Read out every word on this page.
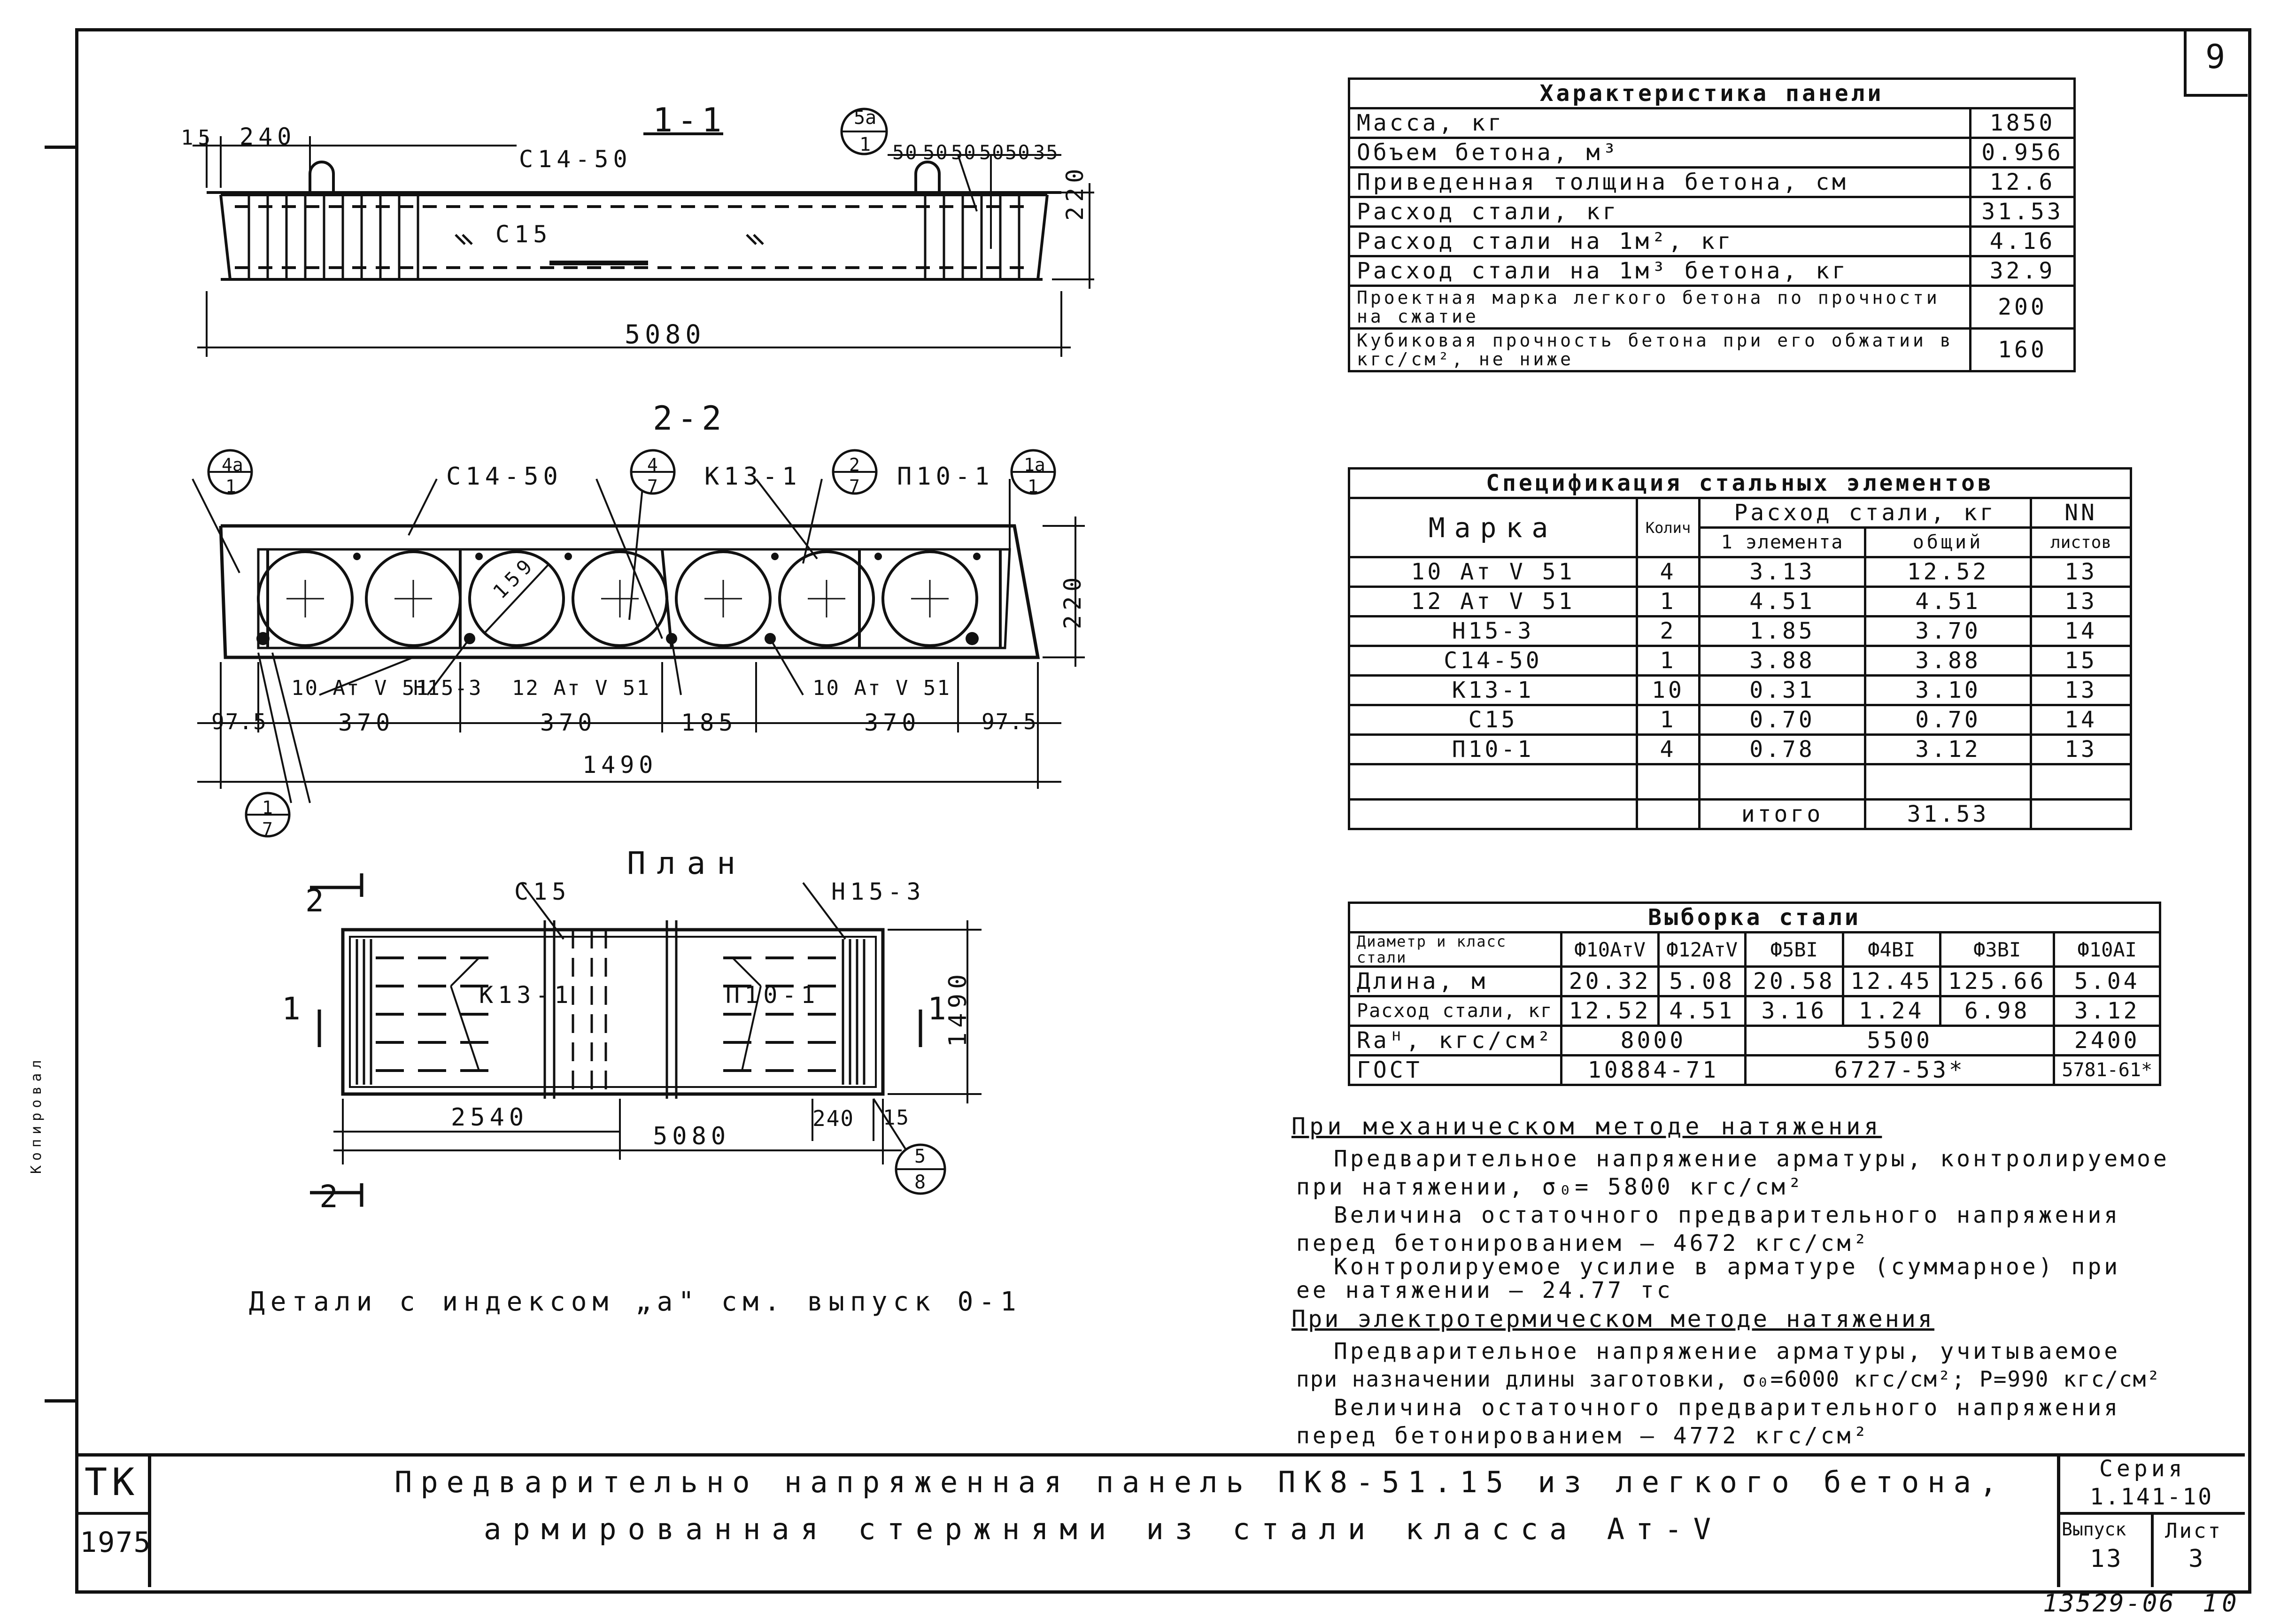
9
Копировал
1-1
15 240
С14-50
С15
5080
220
50 50 50 50 50 35
5а
1
2-2
С14-50	К13-1	П10-1
159
4а
1
4
7
2
7
1а
1
1
7
10 Ат V 51
Н15-3 12 Ат V 51	10 Ат V 51
97.5	370	370	185	370	97.5
1490
220
План
С15	Н15-3
К13-1	П10-1
2540
5080
240 15
1490
2
2
1	1
5
8
Детали с индексом „а" см. выпуск 0-1
Характеристика панели	
Масса, кг	1850
Объем бетона, м³	0.956
Приведенная толщина бетона, см	12.6
Расход стали, кг	31.53
Расход стали на 1м², кг	4.16
Расход стали на 1м³ бетона, кг	32.9
Проектная марка легкого бетона по прочности на сжатие	200
Кубиковая прочность бетона при его обжатии в кгс/см², не ниже	160
Спецификация стальных элементов				
Марка	Колич	Расход стали, кг		NN
		1 элемента	общий	листов
10 Ат V 51	4	3.13	12.52	13
12 Ат V 51	1	4.51	4.51	13
Н15-3	2	1.85	3.70	14
С14-50	1	3.88	3.88	15
К13-1	10	0.31	3.10	13
С15	1	0.70	0.70	14
П10-1	4	0.78	3.12	13

		итого	31.53	
Выборка стали						
Диаметр и класс стали	Ф10АтV	Ф12АтV	Ф5ВI	Ф4ВI	Ф3ВI	Ф10АI
Длина, м	20.32	5.08	20.58	12.45	125.66	5.04
Расход стали, кг	12.52	4.51	3.16	1.24	6.98	3.12
Rаᴴ, кгс/см²	8000		5500			2400
ГОСТ	10884-71		6727-53*			5781-61*
При механическом методе натяжения
Предварительное напряжение арматуры, контролируемое
при натяжении, σ₀= 5800 кгс/см²
Величина остаточного предварительного напряжения
перед бетонированием — 4672 кгс/см²
Контролируемое усилие в арматуре (суммарное) при
ее натяжении — 24.77 тс
При электротермическом методе натяжения
Предварительное напряжение арматуры, учитываемое
при назначении длины заготовки, σ₀=6000 кгс/см²; Р=990 кгс/см²
Величина остаточного предварительного напряжения
перед бетонированием — 4772 кгс/см²
ТК
1975
Предварительно напряженная панель ПК8-51.15 из легкого бетона,
армированная стержнями из стали класса Ат-V
Серия
1.141-10
Выпуск
13
Лист
3
13529-06 10
